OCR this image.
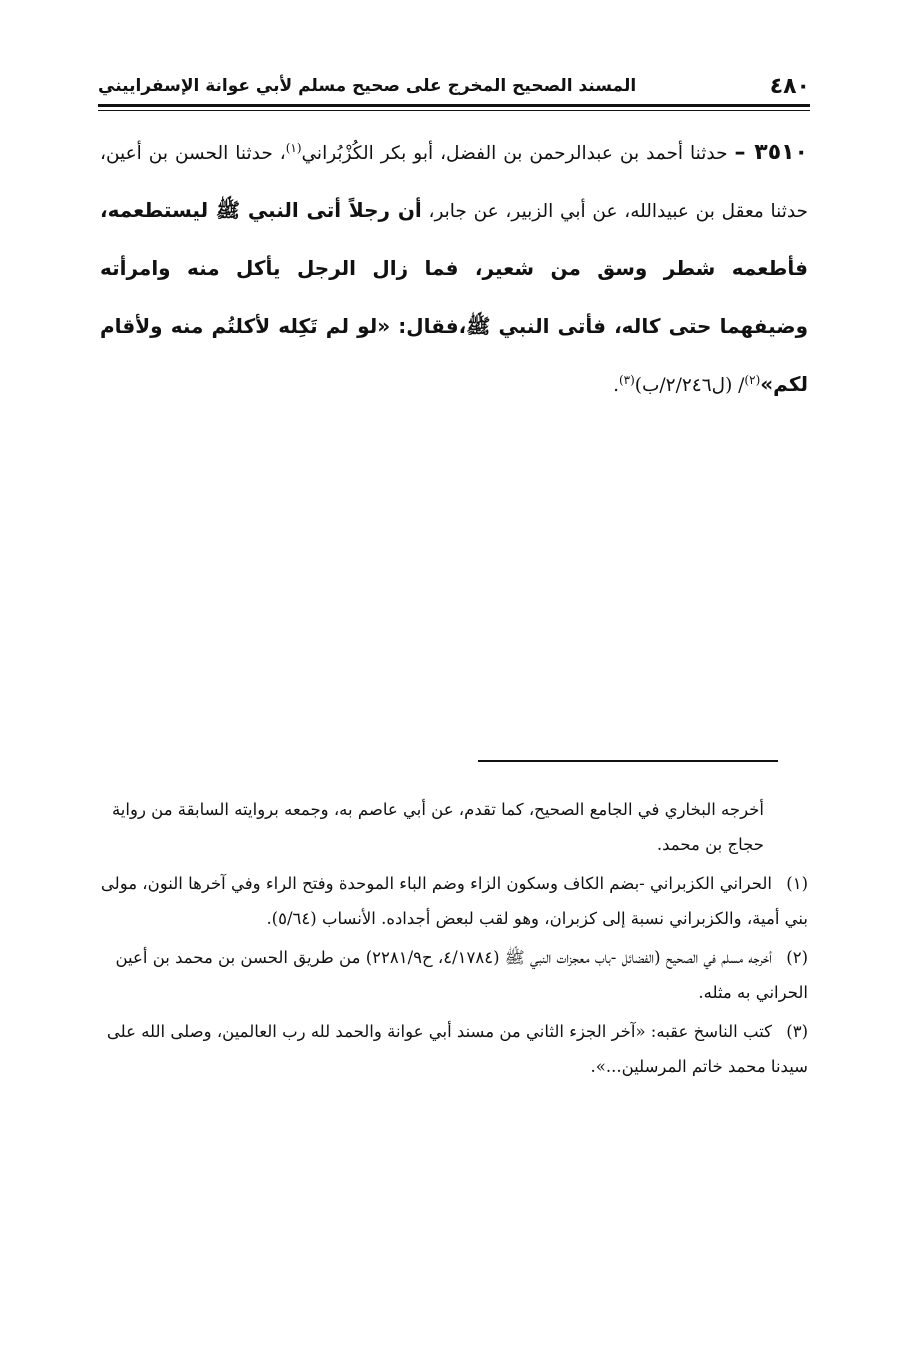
٤٨٠
المسند الصحيح المخرج على صحيح مسلم لأبي عوانة الإسفراييني
٣٥١٠ – حدثنا أحمد بن عبدالرحمن بن الفضل، أبو بكر الكُزْبُراني$^{(١)}$، حدثنا الحسن بن أعين، حدثنا معقل بن عبيدالله، عن أبي الزبير، عن جابر، أن رجلاً أتى النبي ﷺ ليستطعمه، فأطعمه شطر وسق من شعير، فما زال الرجل يأكل منه وامرأته وضيفهما حتى كاله، فأتى النبي ﷺ،فقال: «لو لم تَكِله لأكلتُم منه ولأقام لكم»$^{(٢)}$/ (ل٢/٢٤٦/ب)$^{(٣)}$.

أخرجه البخاري في الجامع الصحيح، كما تقدم، عن أبي عاصم به، وجمعه بروايته السابقة من رواية حجاج بن محمد.

(١)الحراني الكزبراني -بضم الكاف وسكون الزاء وضم الباء الموحدة وفتح الراء وفي آخرها النون، مولى بني أمية، والكزبراني نسبة إلى كزبران، وهو لقب لبعض أجداده. الأنساب (٥/٦٤).

(٢)أخرجه مسلم في الصحيح (الفضائل -باب معجزات النبي ﷺ (٤/١٧٨٤، ح٢٢٨١/٩) من طريق الحسن بن محمد بن أعين الحراني به مثله.

(٣)كتب الناسخ عقبه: «آخر الجزء الثاني من مسند أبي عوانة والحمد لله رب العالمين، وصلى الله على سيدنا محمد خاتم المرسلين...».
